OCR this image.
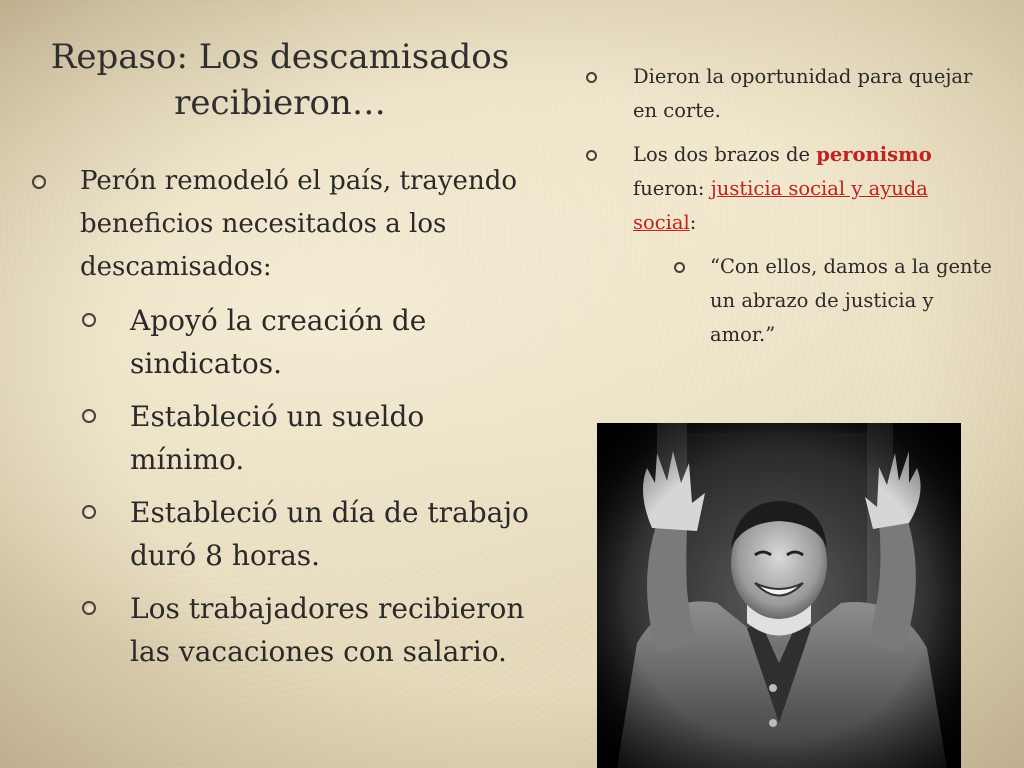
Repaso: Los descamisados
recibieron…
Perón remodeló el país, trayendo beneficios necesitados a los descamisados:
Apoyó la creación de sindicatos.
Estableció un sueldo mínimo.
Estableció un día de trabajo duró 8 horas.
Los trabajadores recibieron las vacaciones con salario.
Dieron la oportunidad para quejar en corte.
Los dos brazos de peronismo fueron: justicia social y ayuda social:
“Con ellos, damos a la gente un abrazo de justicia y amor.”
